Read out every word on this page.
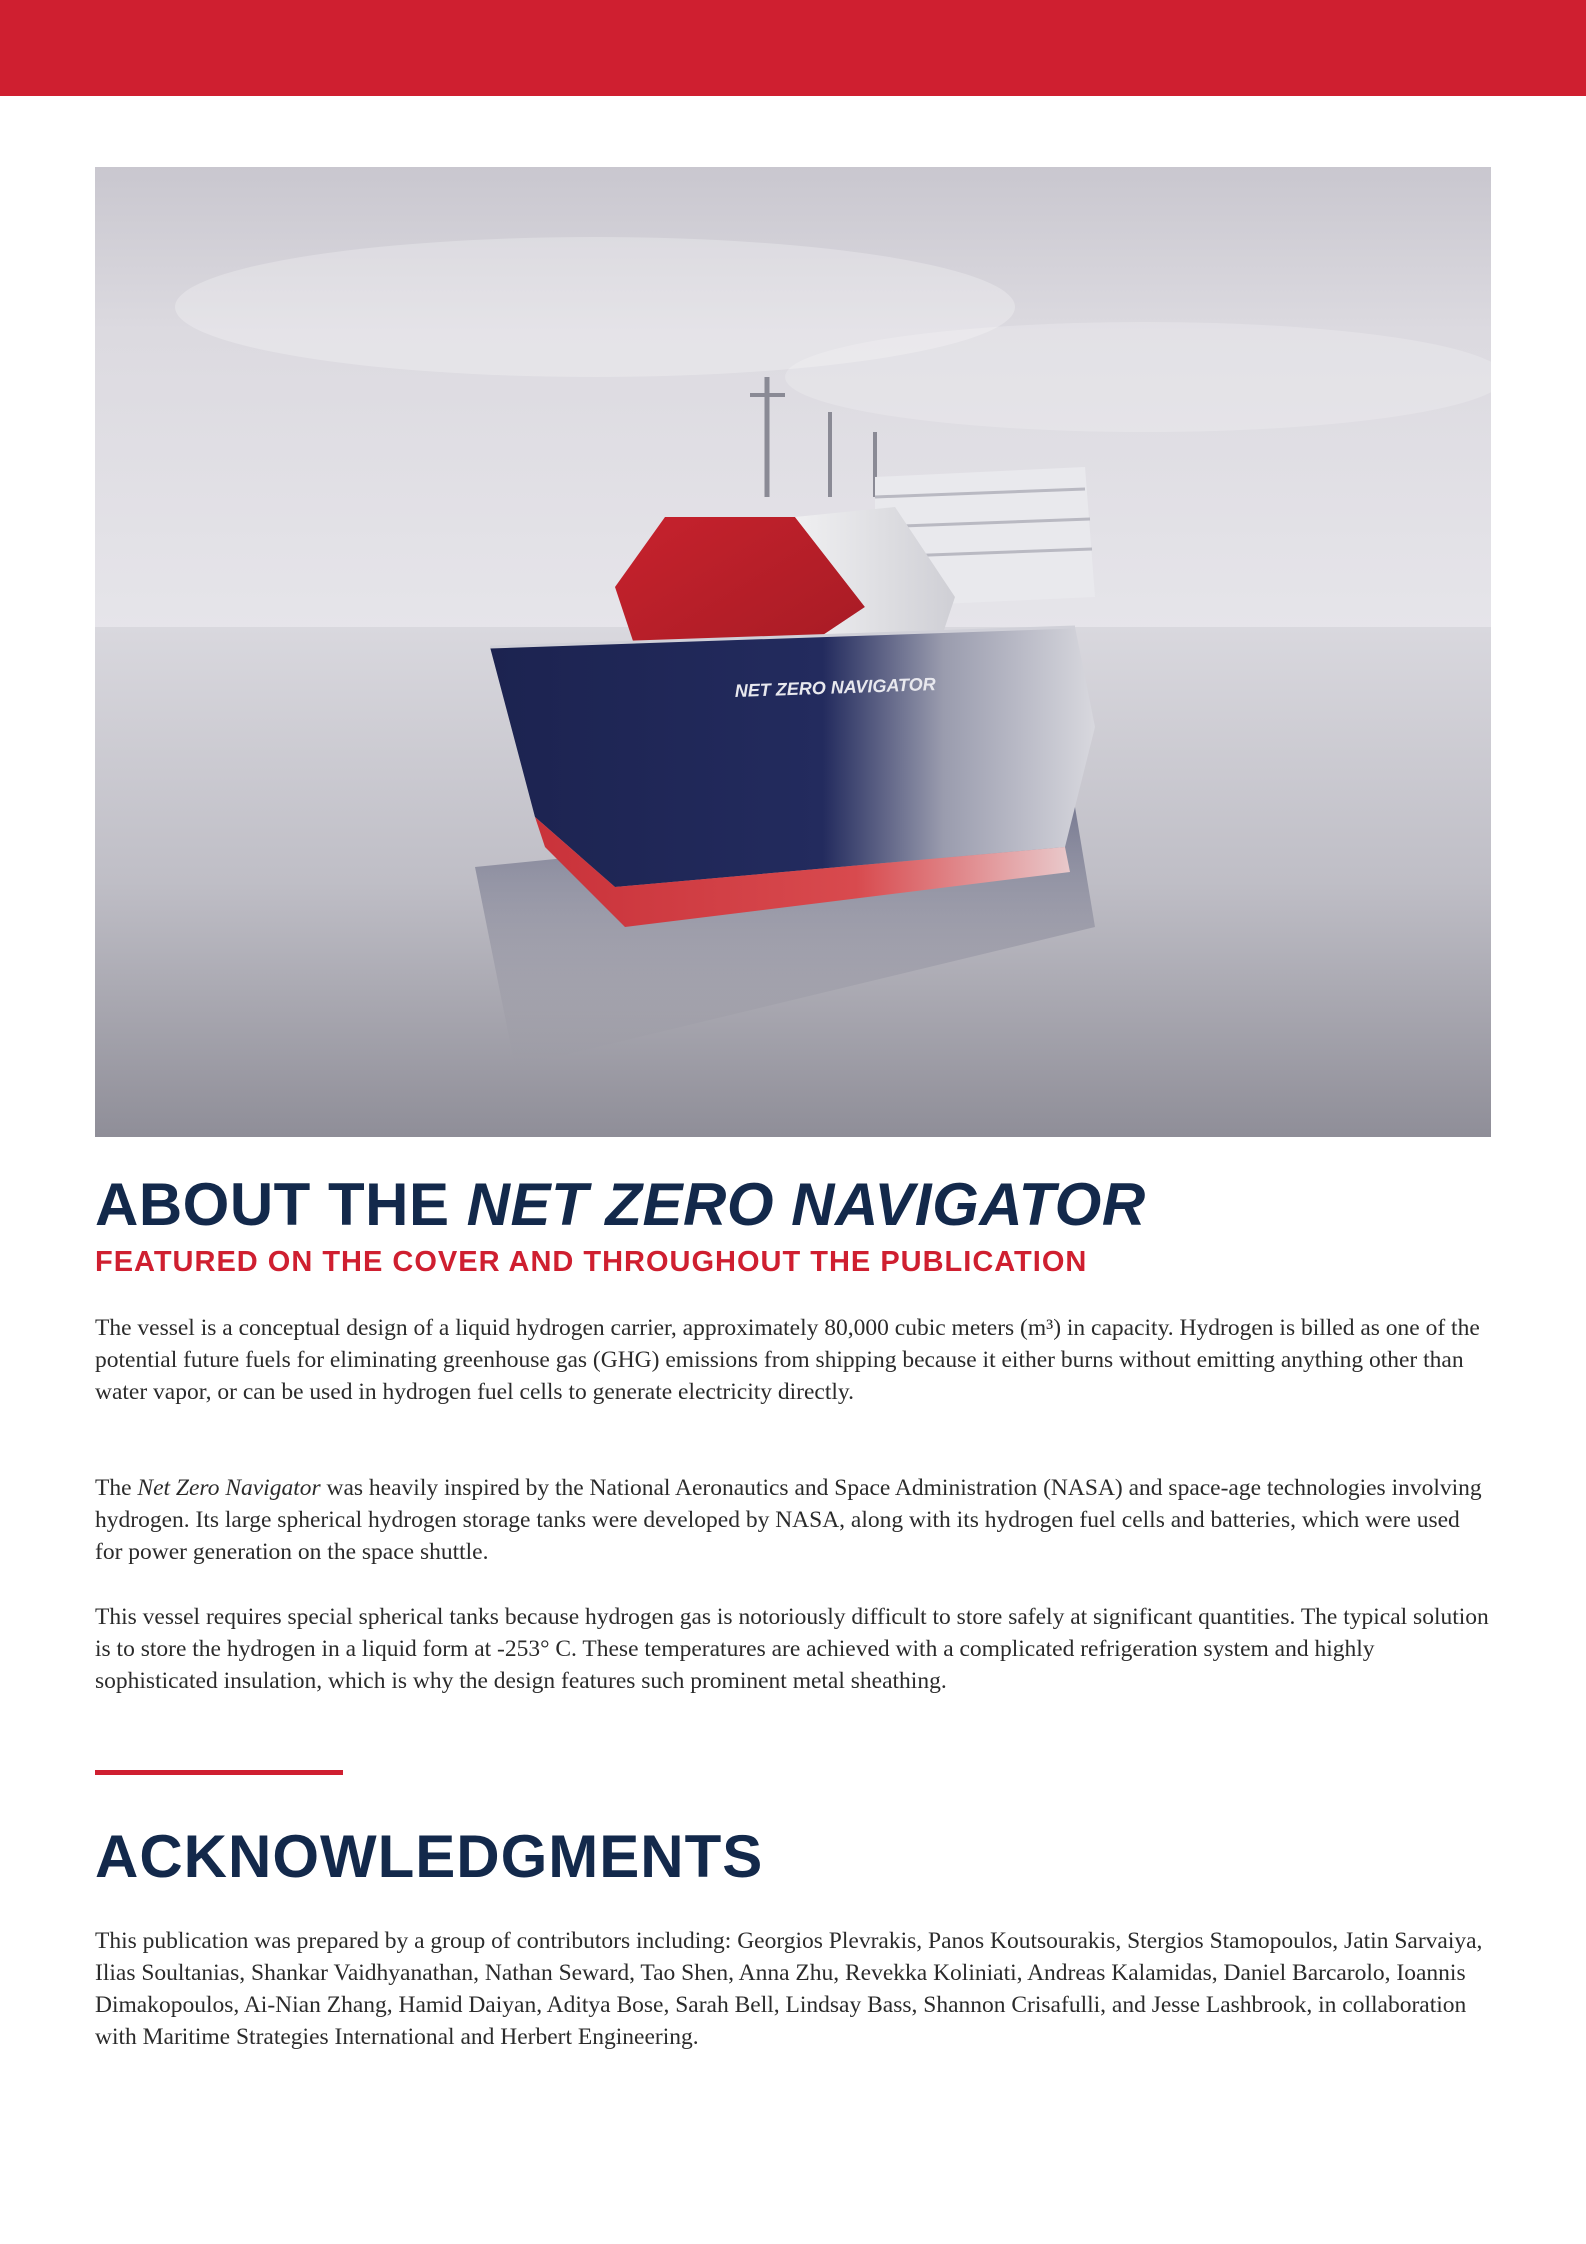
NET ZERO NAVIGATOR
ABOUT THE NET ZERO NAVIGATOR
FEATURED ON THE COVER AND THROUGHOUT THE PUBLICATION

The vessel is a conceptual design of a liquid hydrogen carrier, approximately 80,000 cubic meters (m³) in capacity. Hydrogen is billed as one of the potential future fuels for eliminating greenhouse gas (GHG) emissions from shipping because it either burns without emitting anything other than water vapor, or can be used in hydrogen fuel cells to generate electricity directly.

The Net Zero Navigator was heavily inspired by the National Aeronautics and Space Administration (NASA) and space-age technologies involving hydrogen. Its large spherical hydrogen storage tanks were developed by NASA, along with its hydrogen fuel cells and batteries, which were used for power generation on the space shuttle.

This vessel requires special spherical tanks because hydrogen gas is notoriously difficult to store safely at significant quantities. The typical solution is to store the hydrogen in a liquid form at -253° C. These temperatures are achieved with a complicated refrigeration system and highly sophisticated insulation, which is why the design features such prominent metal sheathing.

ACKNOWLEDGMENTS

This publication was prepared by a group of contributors including: Georgios Plevrakis, Panos Koutsourakis, Stergios Stamopoulos, Jatin Sarvaiya, Ilias Soultanias, Shankar Vaidhyanathan, Nathan Seward, Tao Shen, Anna Zhu, Revekka Koliniati, Andreas Kalamidas, Daniel Barcarolo, Ioannis Dimakopoulos, Ai-Nian Zhang, Hamid Daiyan, Aditya Bose, Sarah Bell, Lindsay Bass, Shannon Crisafulli, and Jesse Lashbrook, in collaboration with Maritime Strategies International and Herbert Engineering.
